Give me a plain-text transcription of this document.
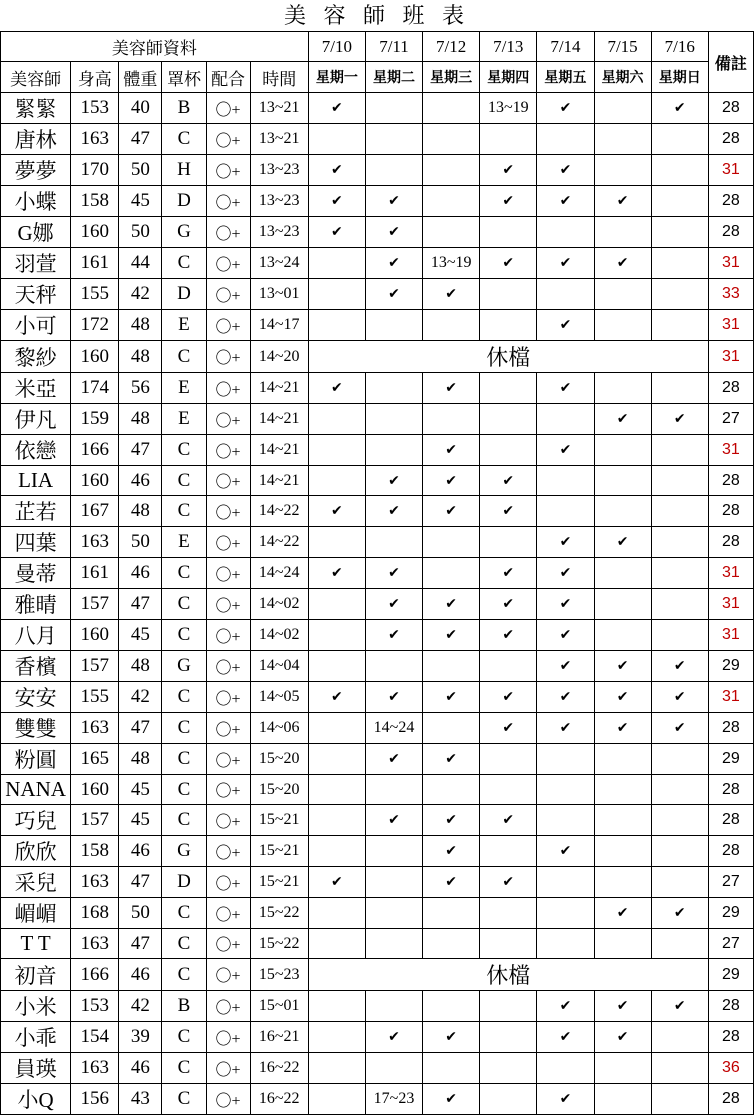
美 容 師 班 表
美容師資料						7/10	7/11	7/12	7/13	7/14	7/15	7/16	備註
美容師	身高	體重	罩杯	配合	時間	星期一	星期二	星期三	星期四	星期五	星期六	星期日	
緊緊	153	40	B	〇+	13~21	✔			13~19	✔		✔	28
唐林	163	47	C	〇+	13~21								28
夢夢	170	50	H	〇+	13~23	✔			✔	✔			31
小蝶	158	45	D	〇+	13~23	✔	✔		✔	✔	✔		28
G娜	160	50	G	〇+	13~23	✔	✔						28
羽萱	161	44	C	〇+	13~24		✔	13~19	✔	✔	✔		31
天秤	155	42	D	〇+	13~01		✔	✔					33
小可	172	48	E	〇+	14~17					✔			31
黎紗	160	48	C	〇+	14~20	休檔							31
米亞	174	56	E	〇+	14~21	✔		✔		✔			28
伊凡	159	48	E	〇+	14~21						✔	✔	27
依戀	166	47	C	〇+	14~21			✔		✔			31
LIA	160	46	C	〇+	14~21		✔	✔	✔				28
芷若	167	48	C	〇+	14~22	✔	✔	✔	✔				28
四葉	163	50	E	〇+	14~22					✔	✔		28
曼蒂	161	46	C	〇+	14~24	✔	✔		✔	✔			31
雅晴	157	47	C	〇+	14~02		✔	✔	✔	✔			31
八月	160	45	C	〇+	14~02		✔	✔	✔	✔			31
香檳	157	48	G	〇+	14~04					✔	✔	✔	29
安安	155	42	C	〇+	14~05	✔	✔	✔	✔	✔	✔	✔	31
雙雙	163	47	C	〇+	14~06		14~24		✔	✔	✔	✔	28
粉圓	165	48	C	〇+	15~20		✔	✔					29
NANA	160	45	C	〇+	15~20								28
巧兒	157	45	C	〇+	15~21		✔	✔	✔				28
欣欣	158	46	G	〇+	15~21			✔		✔			28
采兒	163	47	D	〇+	15~21	✔		✔	✔				27
嵋嵋	168	50	C	〇+	15~22						✔	✔	29
T T	163	47	C	〇+	15~22								27
初音	166	46	C	〇+	15~23	休檔							29
小米	153	42	B	〇+	15~01					✔	✔	✔	28
小乖	154	39	C	〇+	16~21		✔	✔		✔	✔		28
員瑛	163	46	C	〇+	16~22								36
小Q	156	43	C	〇+	16~22		17~23	✔		✔			28
